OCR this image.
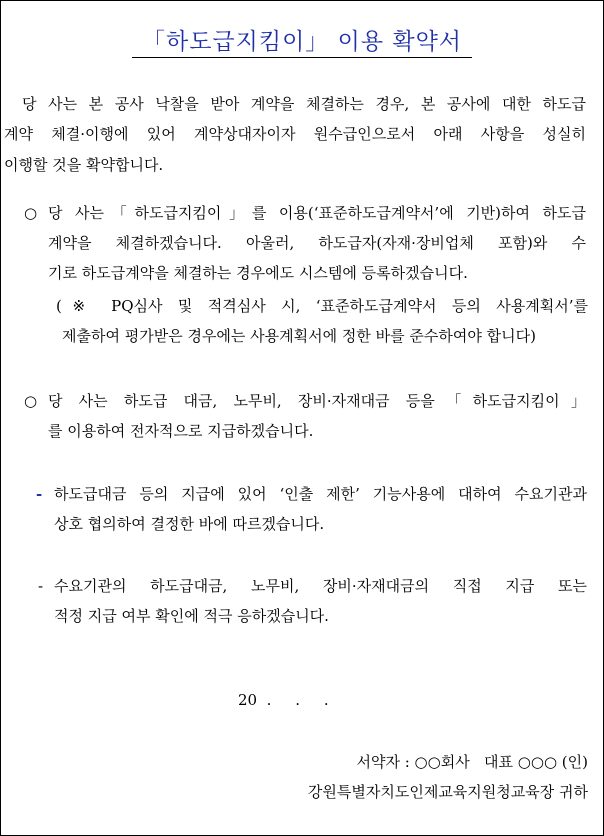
「하도급지킴이」 이용 확약서
당 사는 본 공사 낙찰을 받아 계약을 체결하는 경우, 본 공사에 대한 하도급
계약 체결·이행에 있어 계약상대자이자 원수급인으로서 아래 사항을 성실히
이행할 것을 확약합니다.
○ 당 사는「하도급지킴이」를 이용(‘표준하도급계약서’에 기반)하여 하도급
계약을 체결하겠습니다. 아울러, 하도급자(자재·장비업체 포함)와 수
기로 하도급계약을 체결하는 경우에도 시스템에 등록하겠습니다.
(※ PQ심사 및 적격심사 시, ‘표준하도급계약서 등의 사용계획서’를
제출하여 평가받은 경우에는 사용계획서에 정한 바를 준수하여야 합니다)
○ 당 사는 하도급 대금, 노무비, 장비·자재대금 등을「하도급지킴이」
를 이용하여 전자적으로 지급하겠습니다.
- 하도급대금 등의 지급에 있어 ‘인출 제한’ 기능사용에 대하여 수요기관과
상호 협의하여 결정한 바에 따르겠습니다.
- 수요기관의 하도급대금, 노무비, 장비·자재대금의 직접 지급 또는
적정 지급 여부 확인에 적극 응하겠습니다.
20  .     .     .
서약자 : ○○회사   대표 ○○○ (인)
강원특별자치도인제교육지원청교육장 귀하
